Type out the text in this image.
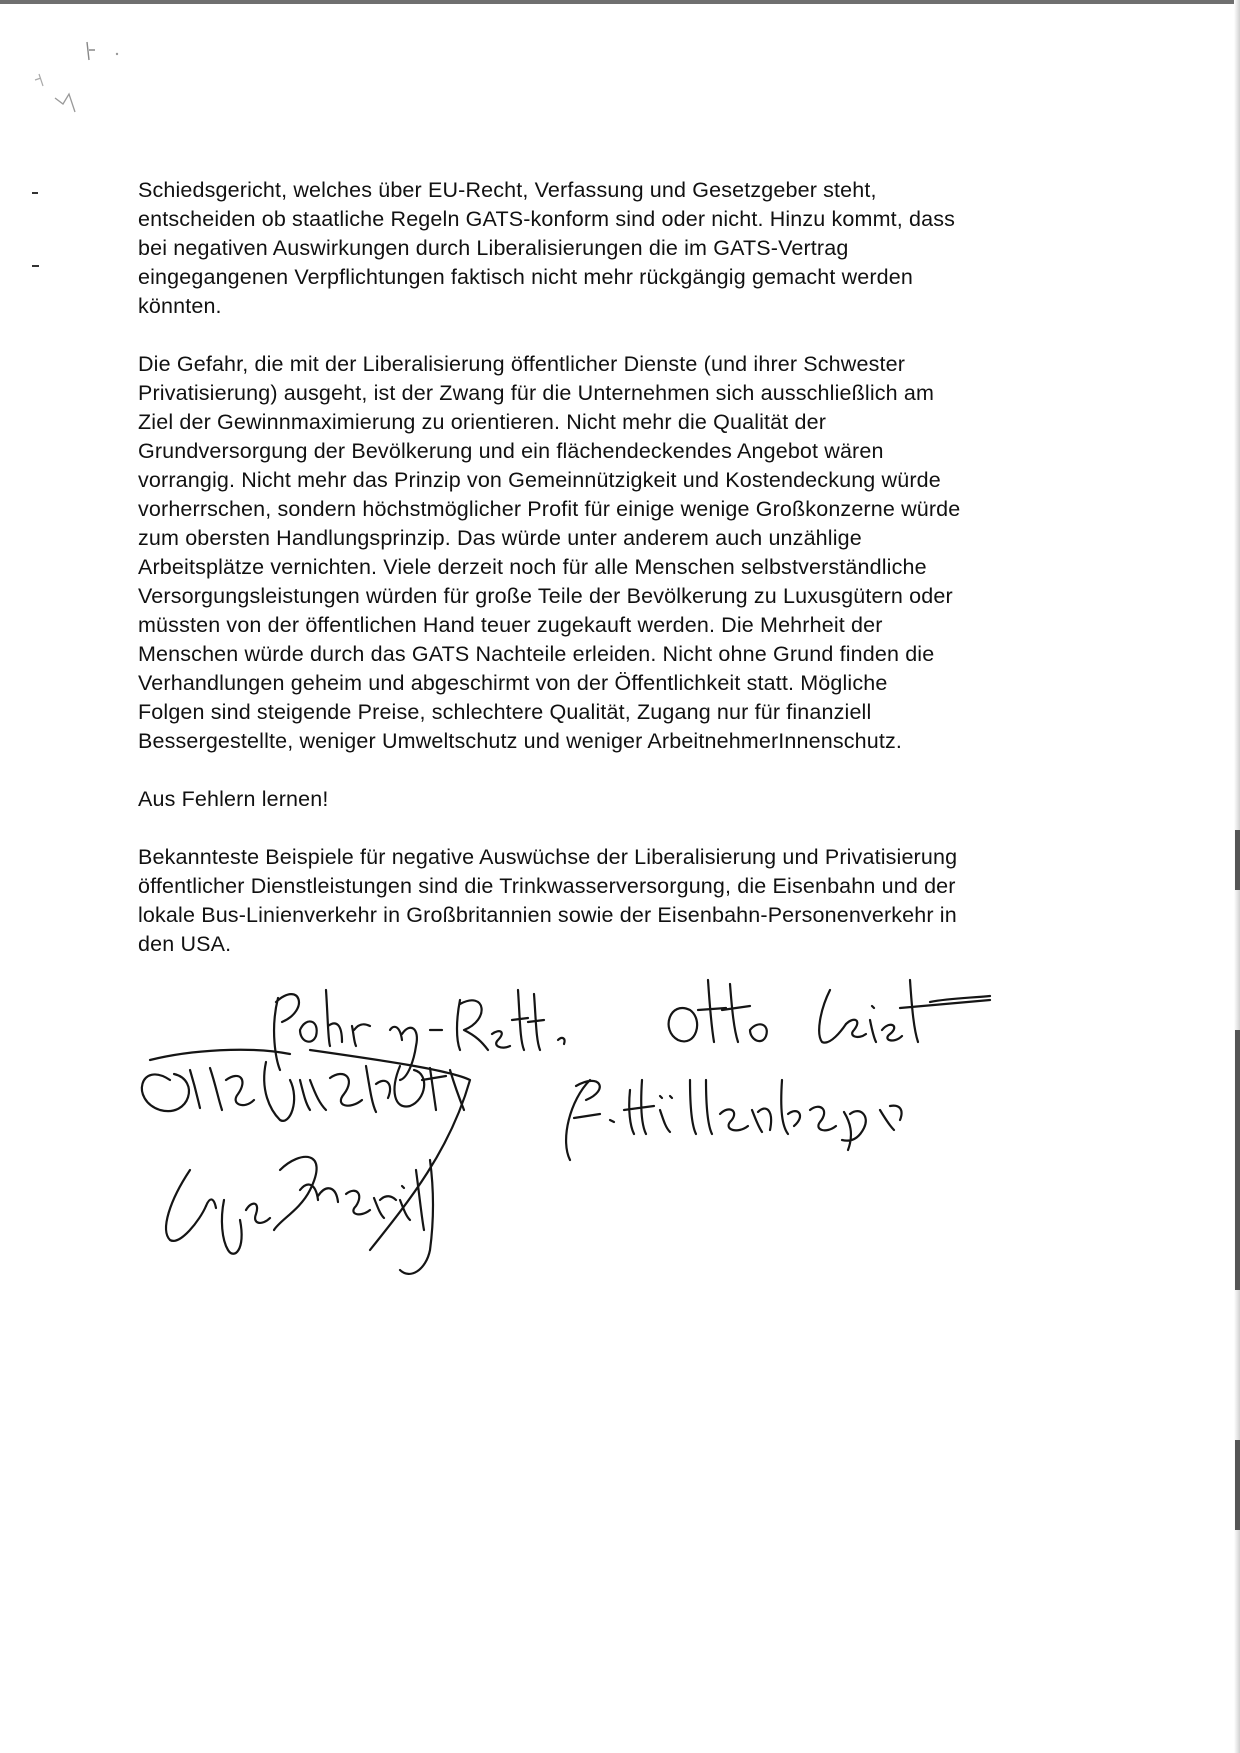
Schiedsgericht, welches über EU-Recht, Verfassung und Gesetzgeber steht,
entscheiden ob staatliche Regeln GATS-konform sind oder nicht. Hinzu kommt, dass
bei negativen Auswirkungen durch Liberalisierungen die im GATS-Vertrag
eingegangenen Verpflichtungen faktisch nicht mehr rückgängig gemacht werden
könnten.

Die Gefahr, die mit der Liberalisierung öffentlicher Dienste (und ihrer Schwester
Privatisierung) ausgeht, ist der Zwang für die Unternehmen sich ausschließlich am
Ziel der Gewinnmaximierung zu orientieren. Nicht mehr die Qualität der
Grundversorgung der Bevölkerung und ein flächendeckendes Angebot wären
vorrangig. Nicht mehr das Prinzip von Gemeinnützigkeit und Kostendeckung würde
vorherrschen, sondern höchstmöglicher Profit für einige wenige Großkonzerne würde
zum obersten Handlungsprinzip. Das würde unter anderem auch unzählige
Arbeitsplätze vernichten. Viele derzeit noch für alle Menschen selbstverständliche
Versorgungsleistungen würden für große Teile der Bevölkerung zu Luxusgütern oder
müssten von der öffentlichen Hand teuer zugekauft werden. Die Mehrheit der
Menschen würde durch das GATS Nachteile erleiden. Nicht ohne Grund finden die
Verhandlungen geheim und abgeschirmt von der Öffentlichkeit statt. Mögliche
Folgen sind steigende Preise, schlechtere Qualität, Zugang nur für finanziell
Bessergestellte, weniger Umweltschutz und weniger ArbeitnehmerInnenschutz.

Aus Fehlern lernen!

Bekannteste Beispiele für negative Auswüchse der Liberalisierung und Privatisierung
öffentlicher Dienstleistungen sind die Trinkwasserversorgung, die Eisenbahn und der
lokale Bus-Linienverkehr in Großbritannien sowie der Eisenbahn-Personenverkehr in
den USA.
